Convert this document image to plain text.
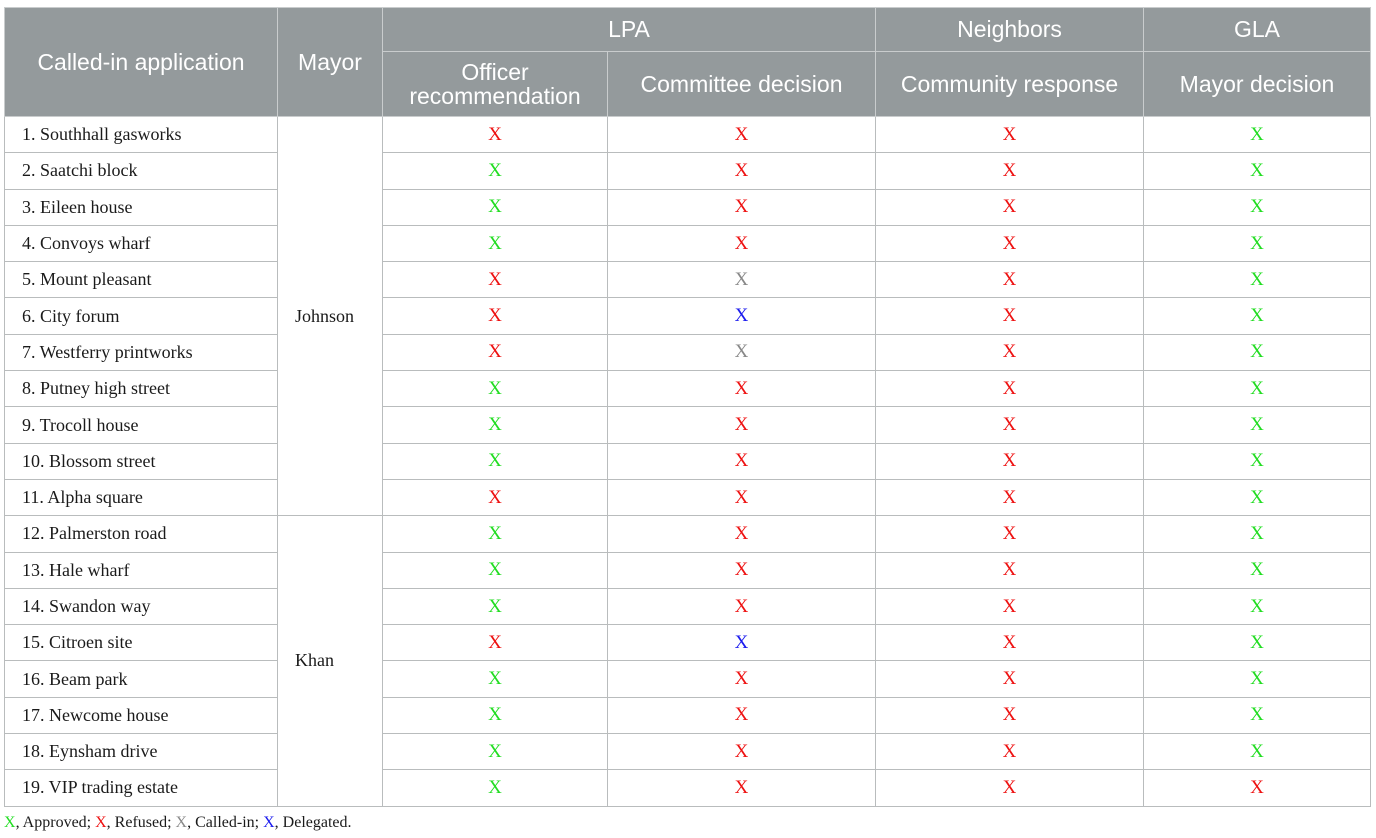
Called-in application	Mayor	LPA		Neighbors	GLA
		Officer recommendation	Committee decision	Community response	Mayor decision
1. Southhall gasworks	Johnson	X	X	X	X
2. Saatchi block		X	X	X	X
3. Eileen house		X	X	X	X
4. Convoys wharf		X	X	X	X
5. Mount pleasant		X	X	X	X
6. City forum		X	X	X	X
7. Westferry printworks		X	X	X	X
8. Putney high street		X	X	X	X
9. Trocoll house		X	X	X	X
10. Blossom street		X	X	X	X
11. Alpha square		X	X	X	X
12. Palmerston road	Khan	X	X	X	X
13. Hale wharf		X	X	X	X
14. Swandon way		X	X	X	X
15. Citroen site		X	X	X	X
16. Beam park		X	X	X	X
17. Newcome house		X	X	X	X
18. Eynsham drive		X	X	X	X
19. VIP trading estate		X	X	X	X
X, Approved; X, Refused; X, Called-in; X, Delegated.
